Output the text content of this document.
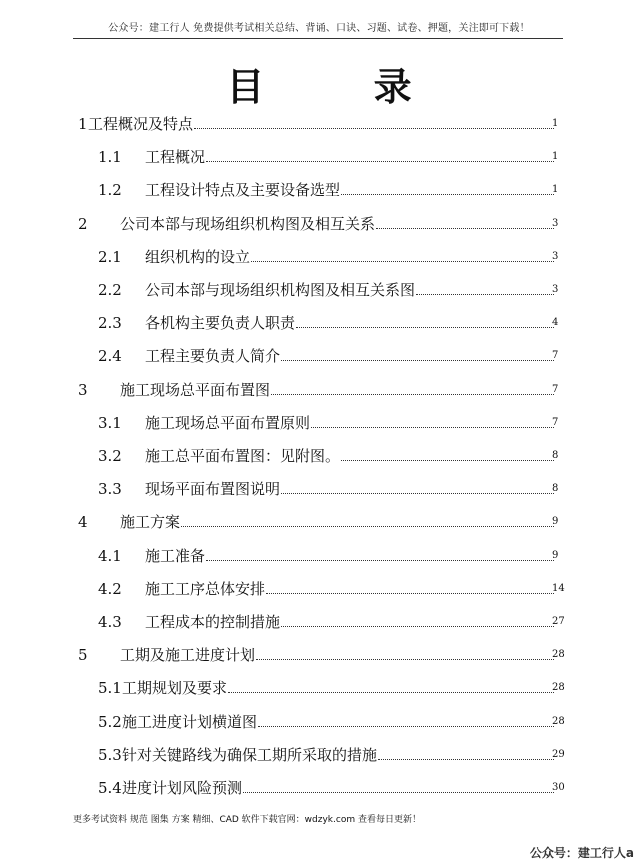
公众号：建工行人 免费提供考试相关总结、背诵、口诀、习题、试卷、押题，关注即可下载！
目 录
1 工程概况及特点	1
1.1 工程概况	1
1.2 工程设计特点及主要设备选型	1
2 公司本部与现场组织机构图及相互关系	3
2.1 组织机构的设立	3
2.2 公司本部与现场组织机构图及相互关系图	3
2.3 各机构主要负责人职责	4
2.4 工程主要负责人简介	7
3 施工现场总平面布置图	7
3.1 施工现场总平面布置原则	7
3.2 施工总平面布置图：见附图。	8
3.3 现场平面布置图说明	8
4 施工方案	9
4.1 施工准备	9
4.2 施工工序总体安排	14
4.3 工程成本的控制措施	27
5 工期及施工进度计划	28
5.1 工期规划及要求	28
5.2 施工进度计划横道图	28
5.3 针对关键路线为确保工期所采取的措施	29
5.4 进度计划风险预测	30
更多考试资料 规范 图集 方案 精细、CAD 软件下载官网：wdzyk.com 查看每日更新！
公众号：建工行人a
